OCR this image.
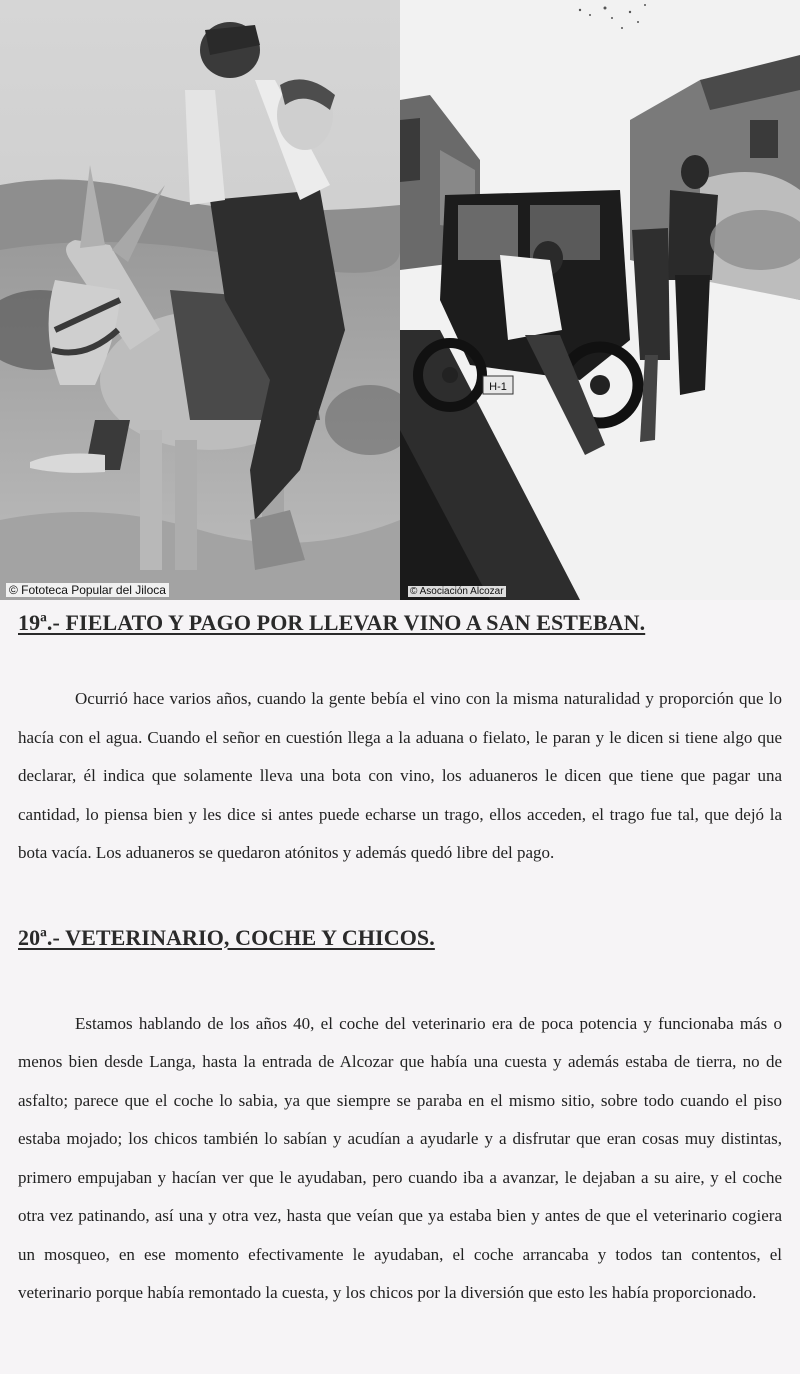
H-1
© Fototeca Popular del Jiloca	© Asociación Alcozar
19ª.- FIELATO Y PAGO POR LLEVAR VINO A SAN ESTEBAN.

Ocurrió hace varios años, cuando la gente bebía el vino con la misma naturalidad y proporción que lo hacía con el agua. Cuando el señor en cuestión llega a la aduana o fielato, le paran y le dicen si tiene algo que declarar, él indica que solamente lleva una bota con vino, los aduaneros le dicen que tiene que pagar una cantidad, lo piensa bien y les dice si antes puede echarse un trago, ellos acceden, el trago fue tal, que dejó la bota vacía. Los aduaneros se quedaron atónitos y además quedó libre del pago.

20ª.- VETERINARIO, COCHE Y CHICOS.

Estamos hablando de los años 40, el coche del veterinario era de poca potencia y funcionaba más o menos bien desde Langa, hasta la entrada de Alcozar que había una cuesta y además estaba de tierra, no de asfalto; parece que el coche lo sabia, ya que siempre se paraba en el mismo sitio, sobre todo cuando el piso estaba mojado; los chicos también lo sabían y acudían a ayudarle y a disfrutar que eran cosas muy distintas, primero empujaban y hacían ver que le ayudaban, pero cuando iba a avanzar, le dejaban a su aire, y el coche otra vez patinando, así una y otra vez, hasta que veían que ya estaba bien y antes de que el veterinario cogiera un mosqueo, en ese momento efectivamente le ayudaban, el coche arrancaba y todos tan contentos, el veterinario porque había remontado la cuesta, y los chicos por la diversión que esto les había proporcionado.
